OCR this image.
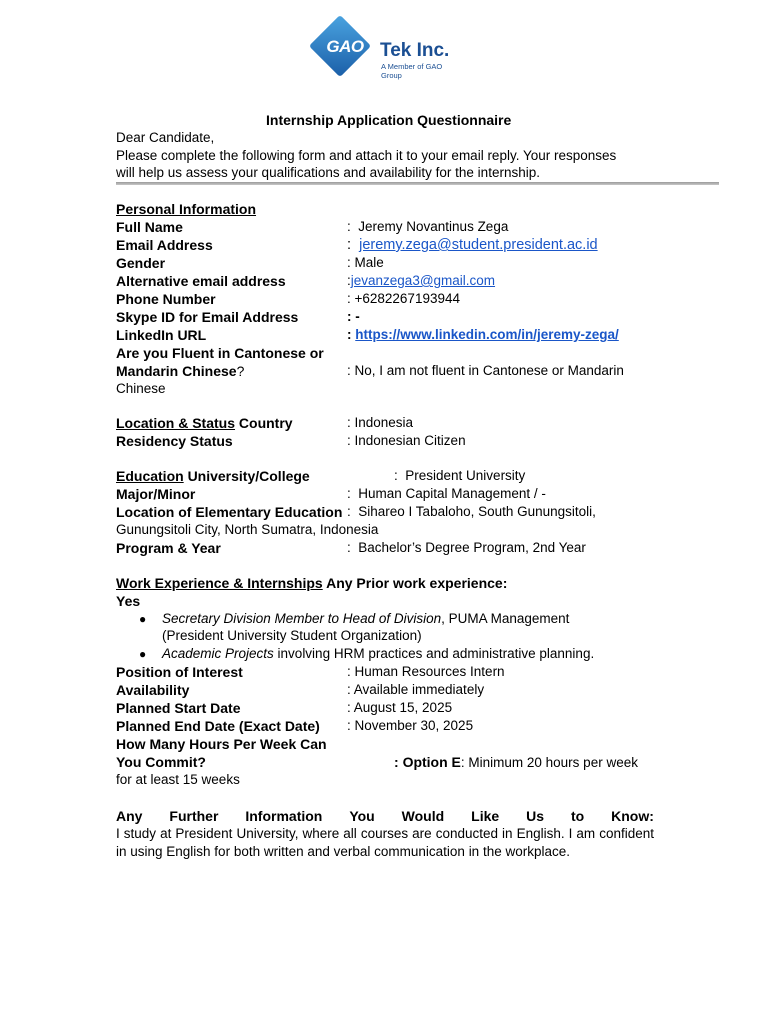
GAO Tek Inc.
A Member of GAO Group
Internship Application Questionnaire
Dear Candidate,
Please complete the following form and attach it to your email reply. Your responses
will help us assess your qualifications and availability for the internship.
Personal Information
Full Name	:  Jeremy Novantinus Zega
Email Address	:  jeremy.zega@student.president.ac.id
Gender	: Male
Alternative email address	:jevanzega3@gmail.com
Phone Number	: +6282267193944
Skype ID for Email Address	: -
LinkedIn URL	: https://www.linkedin.com/in/jeremy-zega/
Are you Fluent in Cantonese or
Mandarin Chinese?	: No, I am not fluent in Cantonese or Mandarin
Chinese
Location & Status Country	: Indonesia
Residency Status	: Indonesian Citizen
Education University/College	:  President University
Major/Minor	:  Human Capital Management / -
Location of Elementary Education :  Sihareo I Tabaloho, South Gunungsitoli,
Gunungsitoli City, North Sumatra, Indonesia
Program & Year	:  Bachelor’s Degree Program, 2nd Year
Work Experience & Internships Any Prior work experience:
Yes
● Secretary Division Member to Head of Division, PUMA Management
(President University Student Organization)
● Academic Projects involving HRM practices and administrative planning.
Position of Interest	: Human Resources Intern
Availability	: Available immediately
Planned Start Date	: August 15, 2025
Planned End Date (Exact Date) : November 30, 2025
How Many Hours Per Week Can
You Commit?	: Option E: Minimum 20 hours per week
for at least 15 weeks
Any Further Information You Would Like Us to Know:
I study at President University, where all courses are conducted in English. I am confident in using English for both written and verbal communication in the workplace.
